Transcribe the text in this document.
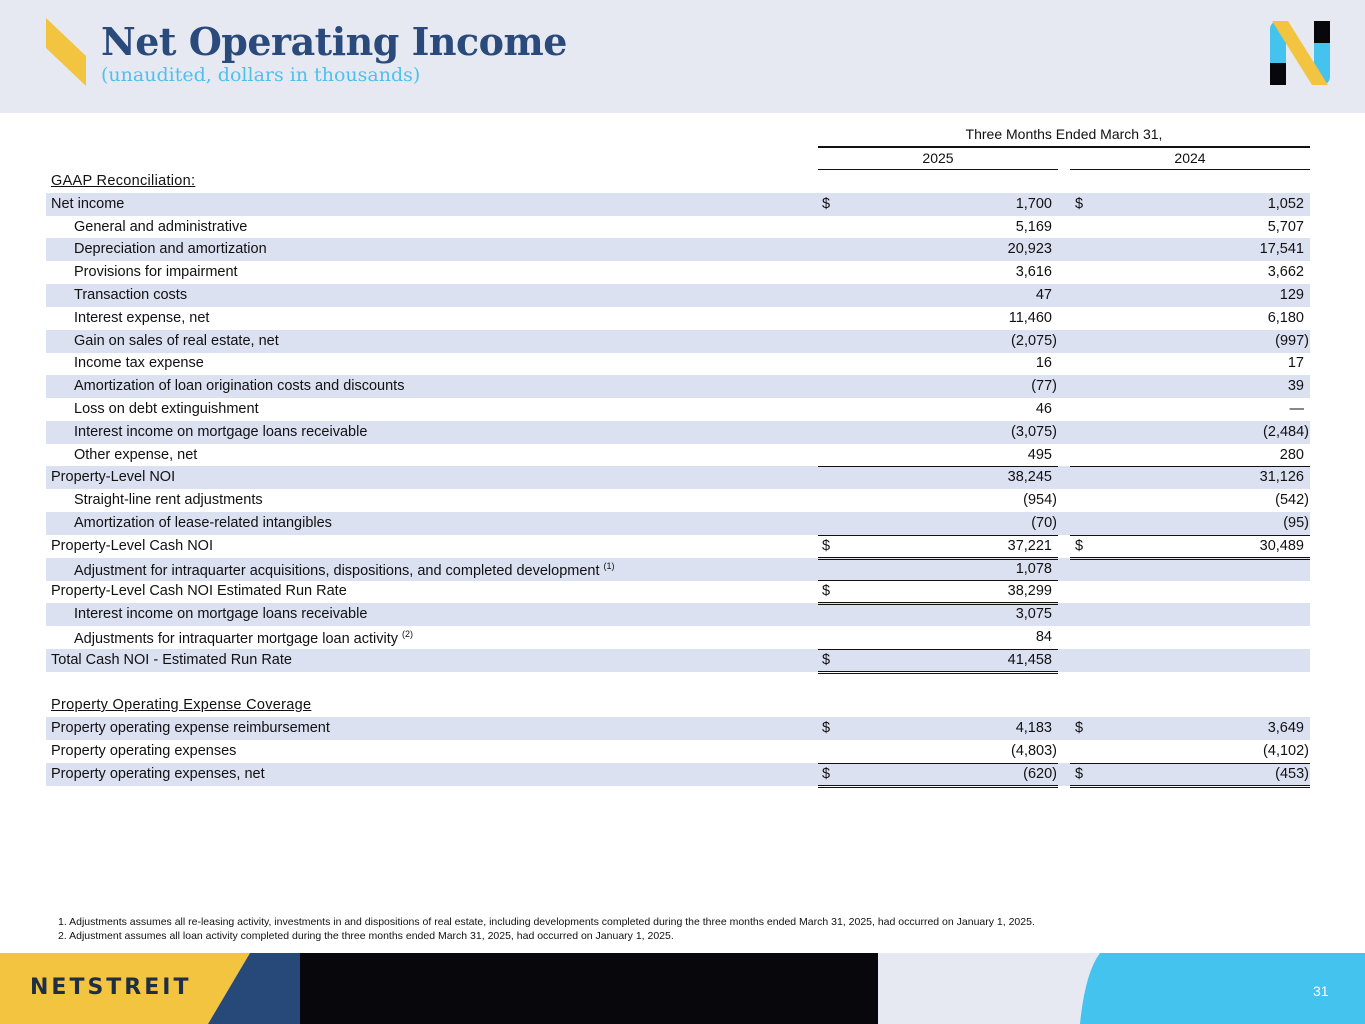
Net Operating Income
(unaudited, dollars in thousands)
Three Months Ended March 31,
2025	2024
GAAP Reconciliation:
Net income	$	1,700 $	1,052
General and administrative	5,169	5,707
Depreciation and amortization	20,923	17,541
Provisions for impairment	3,616	3,662
Transaction costs	47	129
Interest expense, net	11,460	6,180
Gain on sales of real estate, net	(2,075)	(997)
Income tax expense	16	17
Amortization of loan origination costs and discounts	(77)	39
Loss on debt extinguishment	46	—
Interest income on mortgage loans receivable	(3,075)	(2,484)
Other expense, net	495	280
Property-Level NOI	38,245	31,126
Straight-line rent adjustments	(954)	(542)
Amortization of lease-related intangibles	(70)	(95)
Property-Level Cash NOI	$	37,221 $	30,489
Adjustment for intraquarter acquisitions, dispositions, and completed development $^{(1)}$	1,078
Property-Level Cash NOI Estimated Run Rate	$	38,299
Interest income on mortgage loans receivable	3,075
Adjustments for intraquarter mortgage loan activity $^{(2)}$	84
Total Cash NOI - Estimated Run Rate	$	41,458
Property Operating Expense Coverage
Property operating expense reimbursement	$	4,183 $	3,649
Property operating expenses	(4,803)	(4,102)
Property operating expenses, net	$	(620) $	(453)
1. Adjustments assumes all re-leasing activity, investments in and dispositions of real estate, including developments completed during the three months ended March 31, 2025, had occurred on January 1, 2025.
2. Adjustment assumes all loan activity completed during the three months ended March 31, 2025, had occurred on January 1, 2025.
NETSTREIT	31
